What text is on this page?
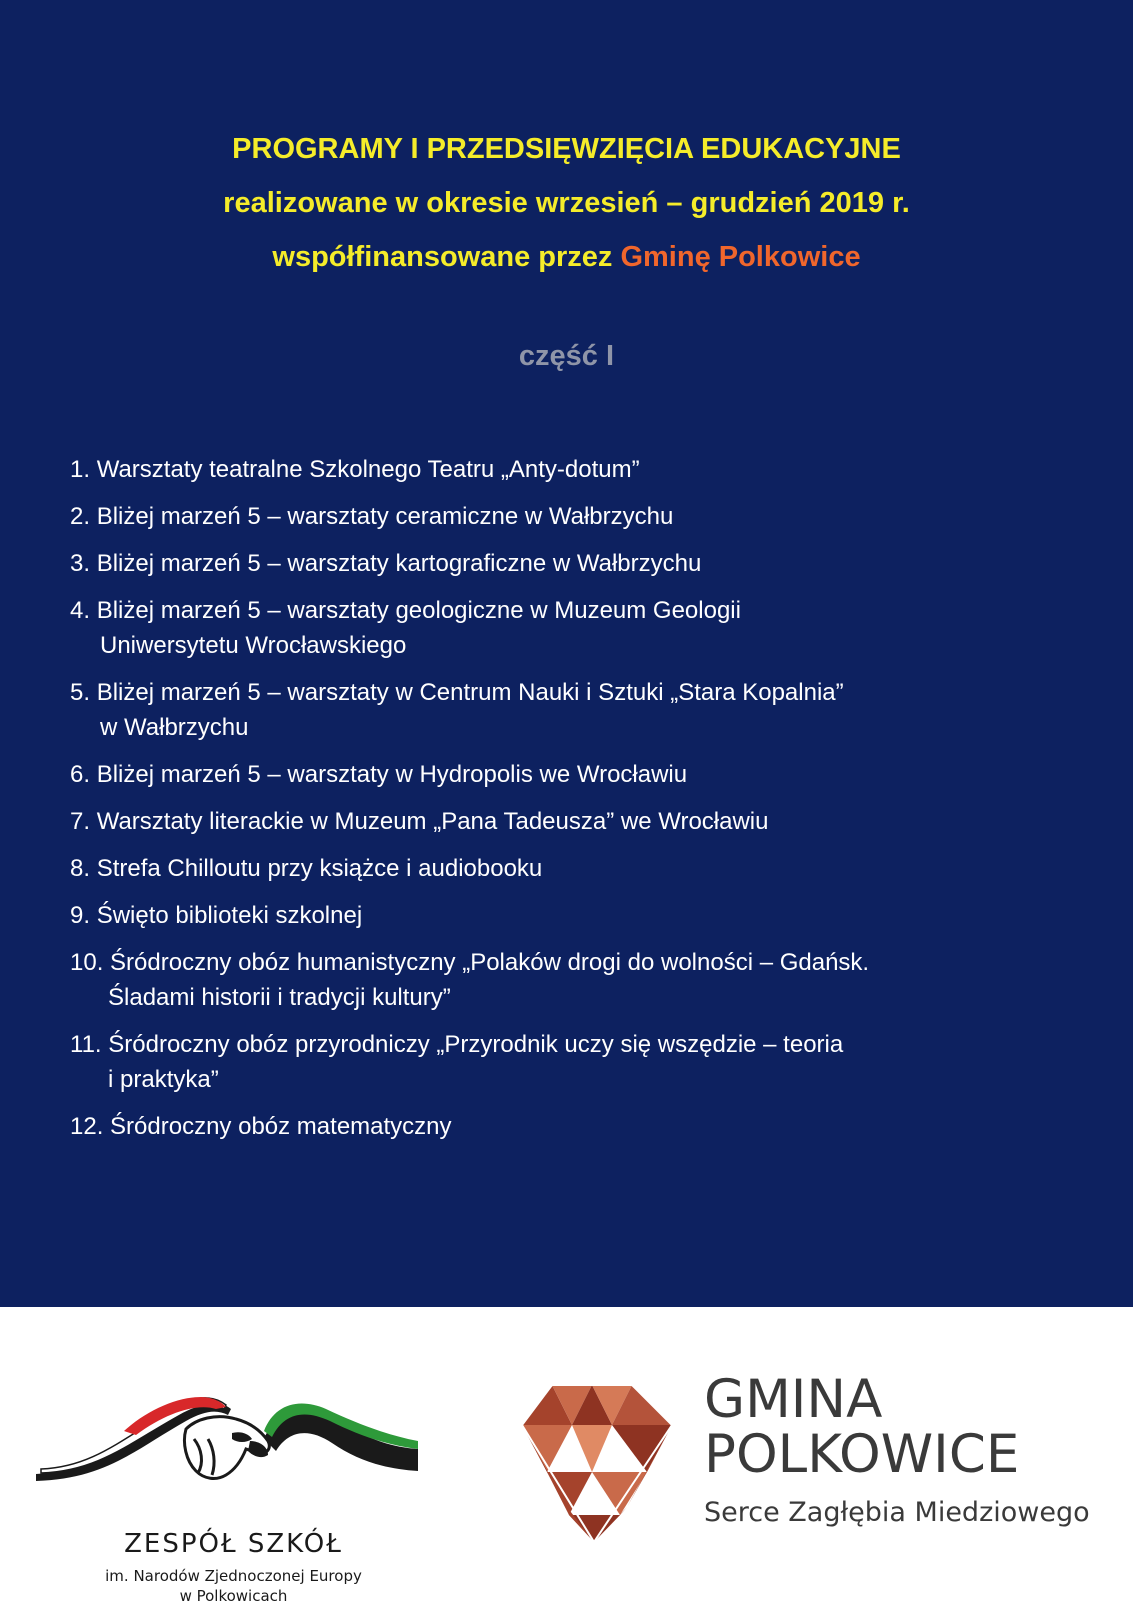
PROGRAMY I PRZEDSIĘWZIĘCIA EDUKACYJNE
realizowane w okresie wrzesień – grudzień 2019 r.
współfinansowane przez Gminę Polkowice
część I
1. Warsztaty teatralne Szkolnego Teatru „Anty-dotum”
2. Bliżej marzeń 5 – warsztaty ceramiczne w Wałbrzychu
3. Bliżej marzeń 5 – warsztaty kartograficzne w Wałbrzychu
4. Bliżej marzeń 5 – warsztaty geologiczne w Muzeum Geologii
Uniwersytetu Wrocławskiego
5. Bliżej marzeń 5 – warsztaty w Centrum Nauki i Sztuki „Stara Kopalnia”
w Wałbrzychu
6. Bliżej marzeń 5 – warsztaty w Hydropolis we Wrocławiu
7. Warsztaty literackie w Muzeum „Pana Tadeusza” we Wrocławiu
8. Strefa Chilloutu przy książce i audiobooku
9. Święto biblioteki szkolnej
10. Śródroczny obóz humanistyczny „Polaków drogi do wolności – Gdańsk.
Śladami historii i tradycji kultury”
11. Śródroczny obóz przyrodniczy „Przyrodnik uczy się wszędzie – teoria
i praktyka”
12. Śródroczny obóz matematyczny
ZESPÓŁ SZKÓŁ
im. Narodów Zjednoczonej Europy
w Polkowicach
GMINA
POLKOWICE
Serce Zagłębia Miedziowego
